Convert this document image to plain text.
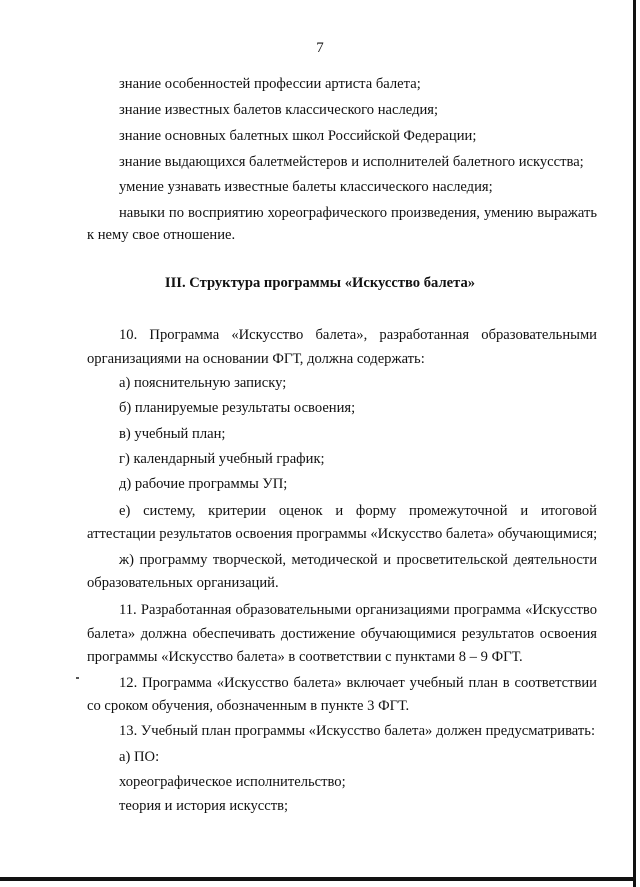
7
знание особенностей профессии артиста балета;
знание известных балетов классического наследия;
знание основных балетных школ Российской Федерации;
знание выдающихся балетмейстеров и исполнителей балетного искусства;
умение узнавать известные балеты классического наследия;
навыки по восприятию хореографического произведения, умению выражать
к нему свое отношение.
III. Структура программы «Искусство балета»
10. Программа «Искусство балета», разработанная образовательными
организациями на основании ФГТ, должна содержать:
а) пояснительную записку;
б) планируемые результаты освоения;
в) учебный план;
г) календарный учебный график;
д) рабочие программы УП;
е) систему, критерии оценок и форму промежуточной и итоговой
аттестации результатов освоения программы «Искусство балета» обучающимися;
ж) программу творческой, методической и просветительской деятельности
образовательных организаций.
11. Разработанная образовательными организациями программа «Искусство
балета» должна обеспечивать достижение обучающимися результатов освоения
программы «Искусство балета» в соответствии с пунктами 8 – 9 ФГТ.
12. Программа «Искусство балета» включает учебный план в соответствии
со сроком обучения, обозначенным в пункте 3 ФГТ.
13. Учебный план программы «Искусство балета» должен предусматривать:
а) ПО:
хореографическое исполнительство;
теория и история искусств;
